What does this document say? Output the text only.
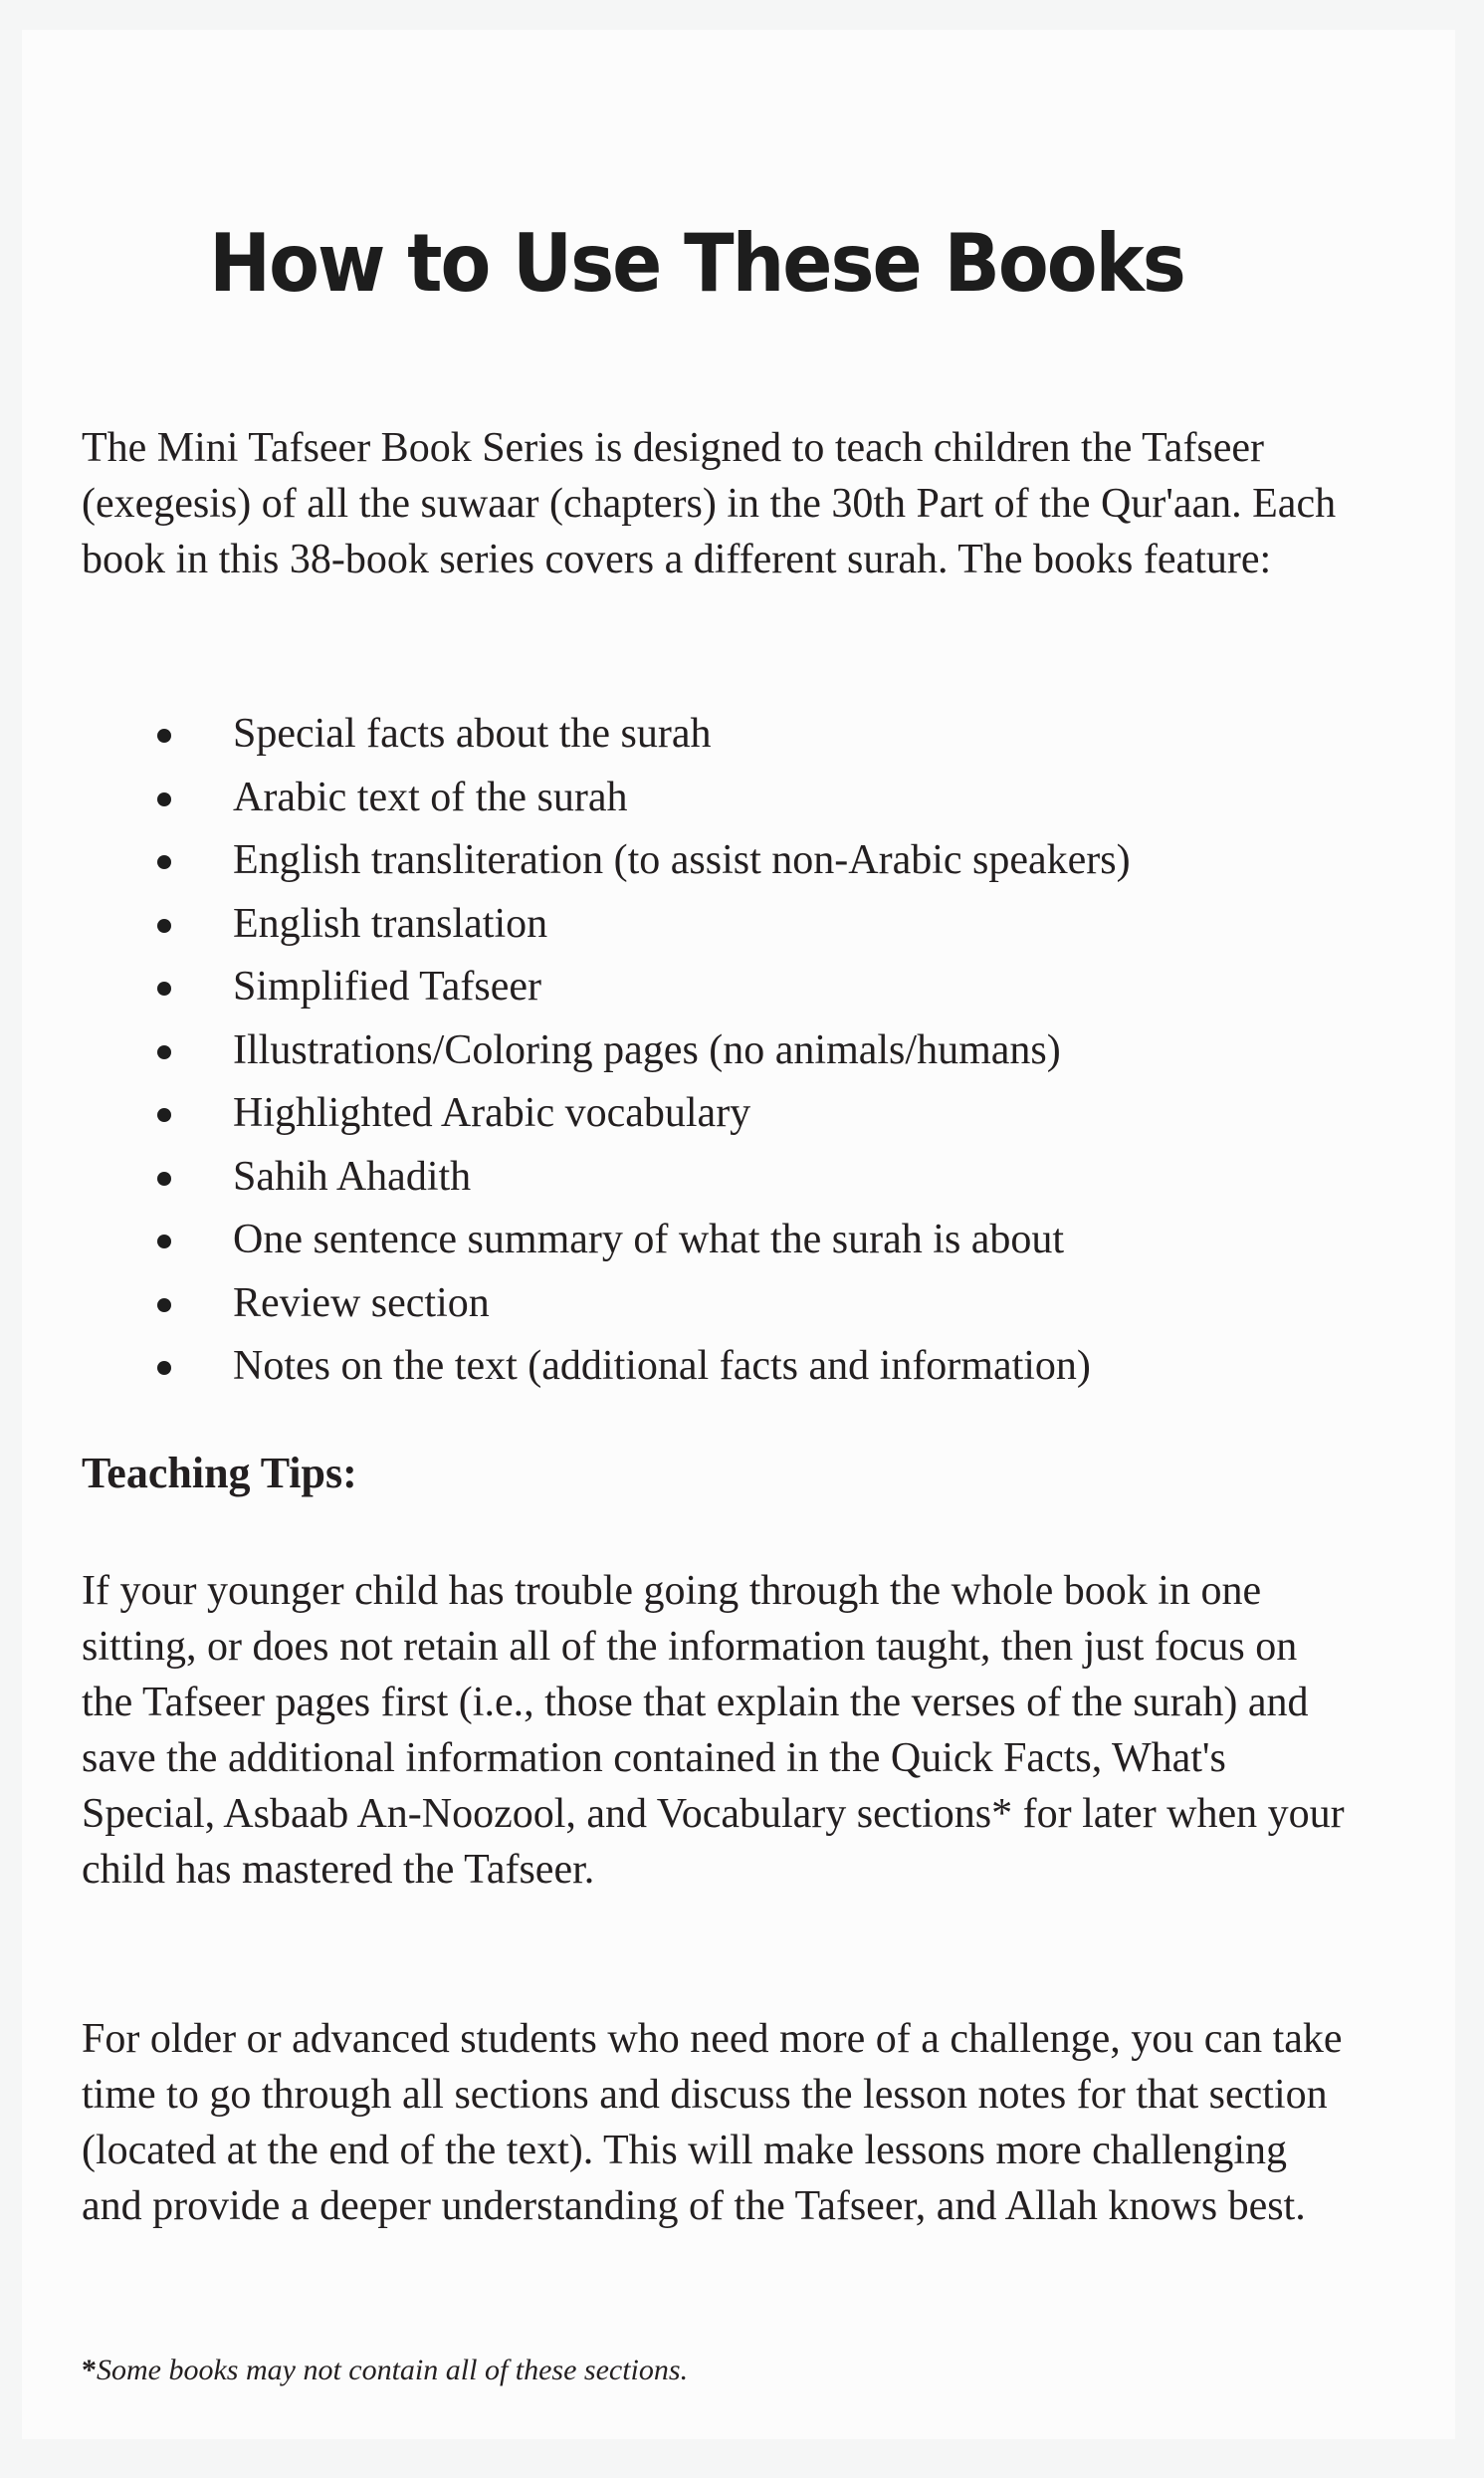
How to Use These Books

The Mini Tafseer Book Series is designed to teach children the Tafseer (exegesis) of all the suwaar (chapters) in the 30th Part of the Qur'aan. Each book in this 38-book series covers a different surah. The books feature:

Special facts about the surah
Arabic text of the surah
English transliteration (to assist non-Arabic speakers)
English translation
Simplified Tafseer
Illustrations/Coloring pages (no animals/humans)
Highlighted Arabic vocabulary
Sahih Ahadith
One sentence summary of what the surah is about
Review section
Notes on the text (additional facts and information)
Teaching Tips:

If your younger child has trouble going through the whole book in one sitting, or does not retain all of the information taught, then just focus on the Tafseer pages first (i.e., those that explain the verses of the surah) and save the additional information contained in the Quick Facts, What's Special, Asbaab An-Noozool, and Vocabulary sections* for later when your child has mastered the Tafseer.

For older or advanced students who need more of a challenge, you can take time to go through all sections and discuss the lesson notes for that section (located at the end of the text). This will make lessons more challenging and provide a deeper understanding of the Tafseer, and Allah knows best.

*Some books may not contain all of these sections.
